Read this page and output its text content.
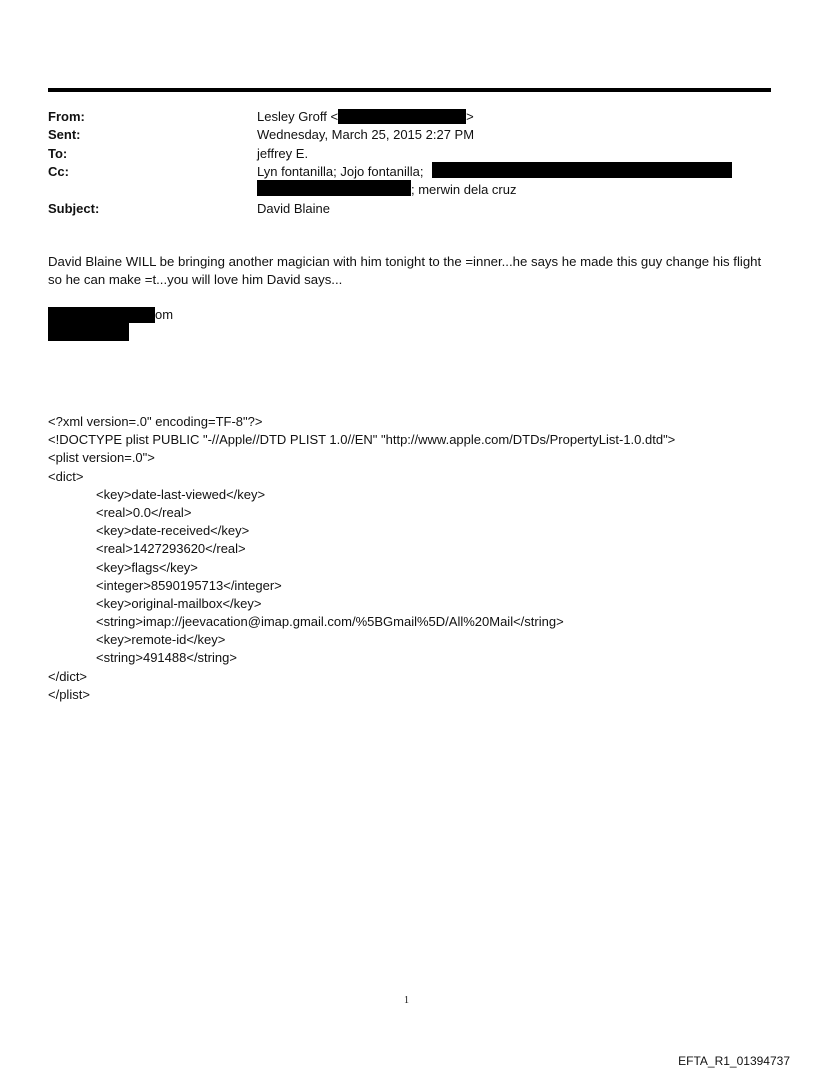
From:	Lesley Groff <	>
Sent:	Wednesday, March 25, 2015 2:27 PM
To:	jeffrey E.
Cc:	Lyn fontanilla; Jojo fontanilla;
; merwin dela cruz
Subject:	David Blaine
David Blaine WILL be bringing another magician with him tonight to the =inner...he says he made this guy change his flight so he can make =t...you will love him David says...
om
<?xml version=.0" encoding=TF-8"?>
<!DOCTYPE plist PUBLIC "-//Apple//DTD PLIST 1.0//EN" "http://www.apple.com/DTDs/PropertyList-1.0.dtd">
<plist version=.0">
<dict>
<key>date-last-viewed</key>
<real>0.0</real>
<key>date-received</key>
<real>1427293620</real>
<key>flags</key>
<integer>8590195713</integer>
<key>original-mailbox</key>
<string>imap://jeevacation@imap.gmail.com/%5BGmail%5D/All%20Mail</string>
<key>remote-id</key>
<string>491488</string>
</dict>
</plist>
1
EFTA_R1_01394737
